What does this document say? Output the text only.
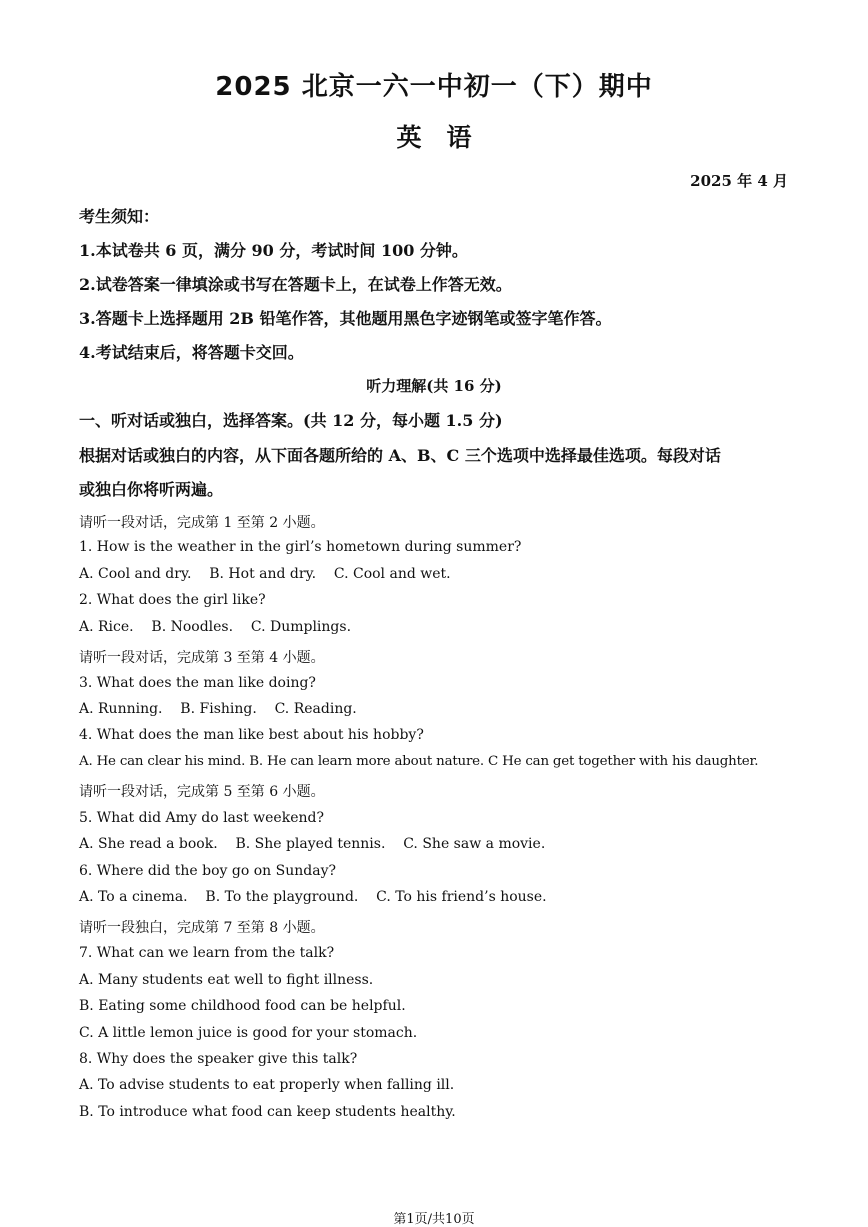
2025 北京一六一中初一（下）期中
英　语
2025 年 4 月
考生须知：
1.本试卷共 6 页，满分 90 分，考试时间 100 分钟。
2.试卷答案一律填涂或书写在答题卡上，在试卷上作答无效。
3.答题卡上选择题用 2B 铅笔作答，其他题用黑色字迹钢笔或签字笔作答。
4.考试结束后，将答题卡交回。
听力理解(共 16 分)
一、听对话或独白，选择答案。(共 12 分，每小题 1.5 分)
根据对话或独白的内容，从下面各题所给的 A、B、C 三个选项中选择最佳选项。每段对话
或独白你将听两遍。
请听一段对话，完成第 1 至第 2 小题。
1. How is the weather in the girl’s hometown during summer?
A. Cool and dry.    B. Hot and dry.    C. Cool and wet.
2. What does the girl like?
A. Rice.    B. Noodles.    C. Dumplings.
请听一段对话，完成第 3 至第 4 小题。
3. What does the man like doing?
A. Running.    B. Fishing.    C. Reading.
4. What does the man like best about his hobby?
A. He can clear his mind. B. He can learn more about nature. C He can get together with his daughter.
请听一段对话，完成第 5 至第 6 小题。
5. What did Amy do last weekend?
A. She read a book.    B. She played tennis.    C. She saw a movie.
6. Where did the boy go on Sunday?
A. To a cinema.    B. To the playground.    C. To his friend’s house.
请听一段独白，完成第 7 至第 8 小题。
7. What can we learn from the talk?
A. Many students eat well to fight illness.
B. Eating some childhood food can be helpful.
C. A little lemon juice is good for your stomach.
8. Why does the speaker give this talk?
A. To advise students to eat properly when falling ill.
B. To introduce what food can keep students healthy.
第1页/共10页
